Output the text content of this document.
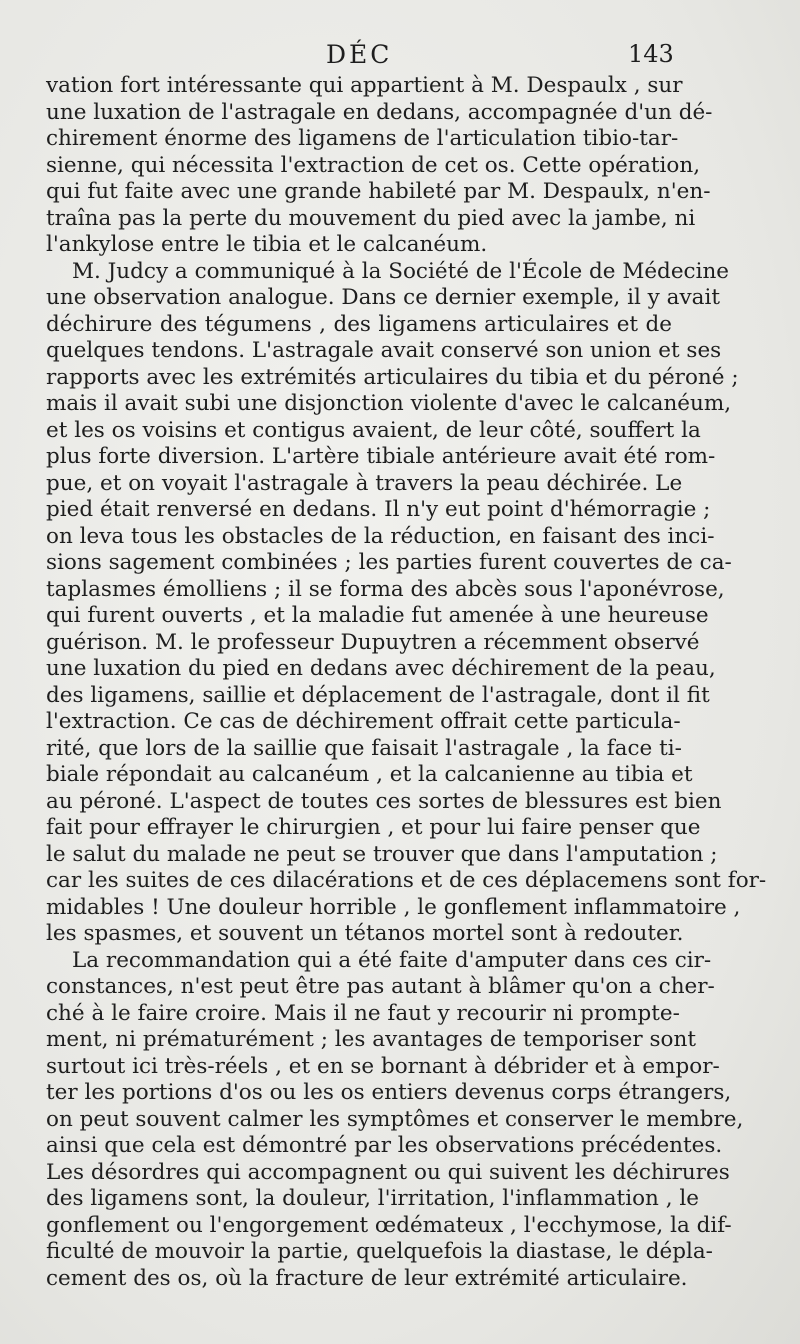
DÉC	143
vation fort intéressante qui appartient à M. Despaulx , sur
une luxation de l'astragale en dedans, accompagnée d'un dé-
chirement énorme des ligamens de l'articulation tibio-tar-
sienne, qui nécessita l'extraction de cet os. Cette opération,
qui fut faite avec une grande habileté par M. Despaulx, n'en-
traîna pas la perte du mouvement du pied avec la jambe, ni
l'ankylose entre le tibia et le calcanéum.
M. Judcy a communiqué à la Société de l'École de Médecine
une observation analogue. Dans ce dernier exemple, il y avait
déchirure des tégumens , des ligamens articulaires et de
quelques tendons. L'astragale avait conservé son union et ses
rapports avec les extrémités articulaires du tibia et du péroné ;
mais il avait subi une disjonction violente d'avec le calcanéum,
et les os voisins et contigus avaient, de leur côté, souffert la
plus forte diversion. L'artère tibiale antérieure avait été rom-
pue, et on voyait l'astragale à travers la peau déchirée. Le
pied était renversé en dedans. Il n'y eut point d'hémorragie ;
on leva tous les obstacles de la réduction, en faisant des inci-
sions sagement combinées ; les parties furent couvertes de ca-
taplasmes émolliens ; il se forma des abcès sous l'aponévrose,
qui furent ouverts , et la maladie fut amenée à une heureuse
guérison. M. le professeur Dupuytren a récemment observé
une luxation du pied en dedans avec déchirement de la peau,
des ligamens, saillie et déplacement de l'astragale, dont il fit
l'extraction. Ce cas de déchirement offrait cette particula-
rité, que lors de la saillie que faisait l'astragale , la face ti-
biale répondait au calcanéum , et la calcanienne au tibia et
au péroné. L'aspect de toutes ces sortes de blessures est bien
fait pour effrayer le chirurgien , et pour lui faire penser que
le salut du malade ne peut se trouver que dans l'amputation ;
car les suites de ces dilacérations et de ces déplacemens sont for-
midables ! Une douleur horrible , le gonflement inflammatoire ,
les spasmes, et souvent un tétanos mortel sont à redouter.
La recommandation qui a été faite d'amputer dans ces cir-
constances, n'est peut être pas autant à blâmer qu'on a cher-
ché à le faire croire. Mais il ne faut y recourir ni prompte-
ment, ni prématurément ; les avantages de temporiser sont
surtout ici très-réels , et en se bornant à débrider et à empor-
ter les portions d'os ou les os entiers devenus corps étrangers,
on peut souvent calmer les symptômes et conserver le membre,
ainsi que cela est démontré par les observations précédentes.
Les désordres qui accompagnent ou qui suivent les déchirures
des ligamens sont, la douleur, l'irritation, l'inflammation , le
gonflement ou l'engorgement œdémateux , l'ecchymose, la dif-
ficulté de mouvoir la partie, quelquefois la diastase, le dépla-
cement des os, où la fracture de leur extrémité articulaire.
